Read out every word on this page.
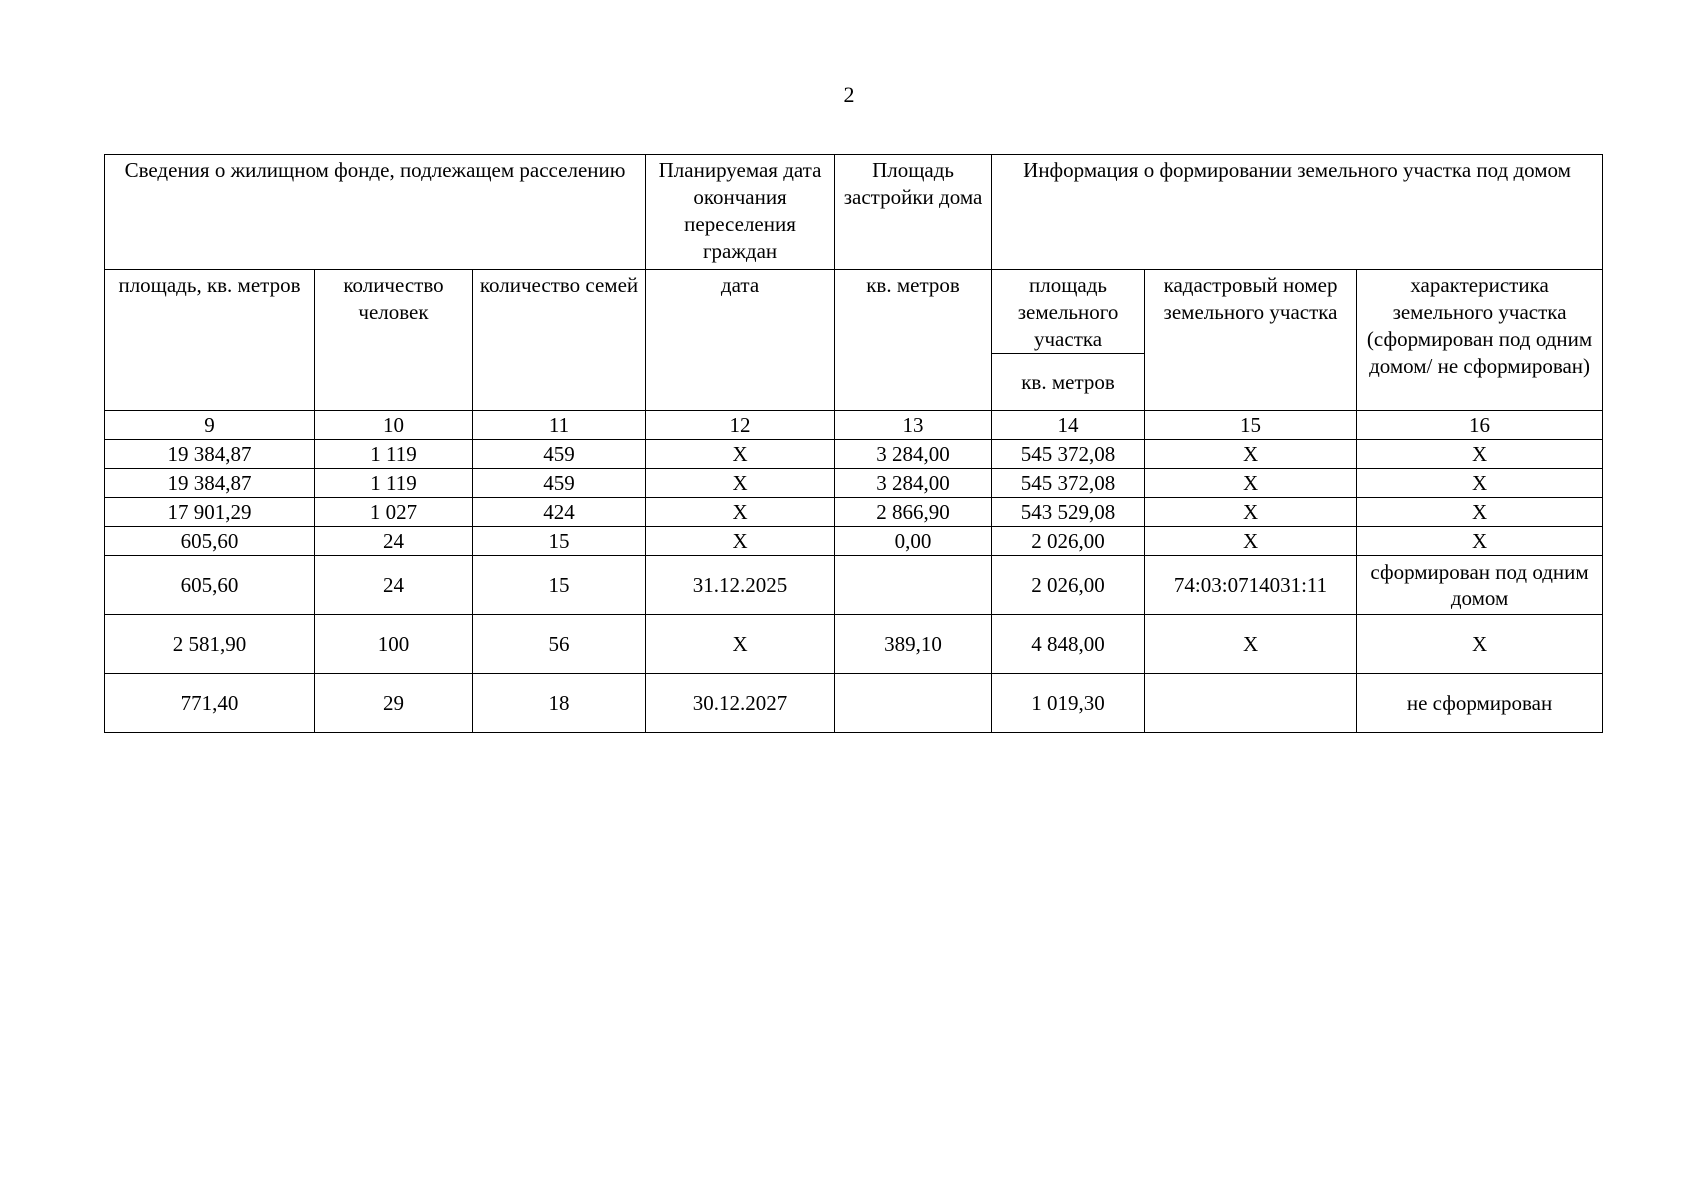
2
Сведения о жилищном фонде, подлежащем расселению			Планируемая дата окончания переселения граждан	Площадь застройки дома	Информация о формировании земельного участка под домом		
площадь, кв. метров	количество человек	количество семей	дата	кв. метров	площадь земельного участка	кадастровый номер земельного участка	характеристика земельного участка (сформирован под одним домом/ не сформирован)
					кв. метров		
9	10	11	12	13	14	15	16
19 384,87	1 119	459	Х	3 284,00	545 372,08	Х	Х
19 384,87	1 119	459	Х	3 284,00	545 372,08	Х	Х
17 901,29	1 027	424	Х	2 866,90	543 529,08	Х	Х
605,60	24	15	Х	0,00	2 026,00	Х	Х
605,60	24	15	31.12.2025		2 026,00	74:03:0714031:11	сформирован под одним домом
2 581,90	100	56	Х	389,10	4 848,00	Х	Х
771,40	29	18	30.12.2027		1 019,30		не сформирован
